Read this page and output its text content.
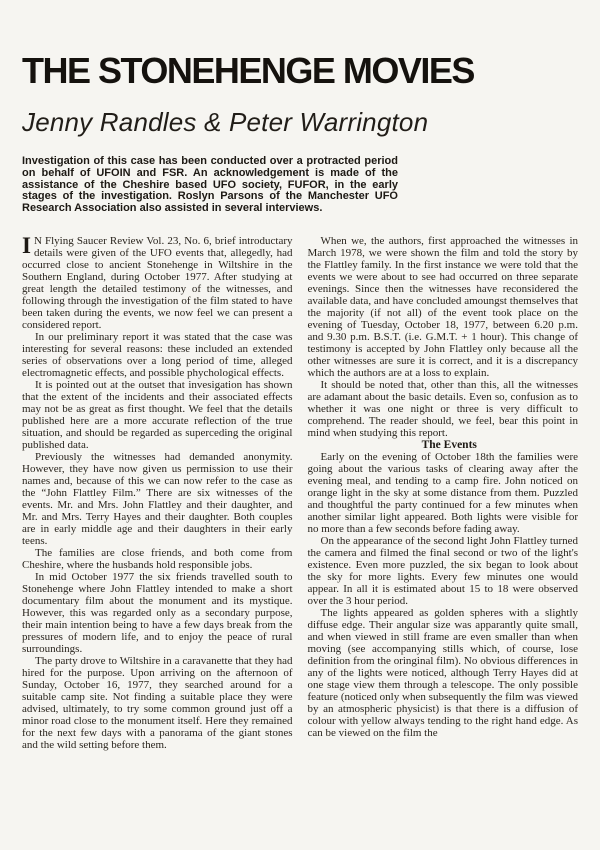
THE STONEHENGE MOVIES
Jenny Randles & Peter Warrington

Investigation of this case has been conducted over a protracted period on behalf of UFOIN and FSR. An acknowledgement is made of the assistance of the Cheshire based UFO society, FUFOR, in the early stages of the investigation. Roslyn Parsons of the Manchester UFO Research Association also assisted in several interviews.

I N Flying Saucer Review Vol. 23, No. 6, brief introductary details were given of the UFO events that, allegedly, had occurred close to ancient Stonehenge in Wiltshire in the Southern England, during October 1977. After studying at great length the detailed testimony of the witnesses, and following through the investigation of the film stated to have been taken during the events, we now feel we can present a considered report.

In our preliminary report it was stated that the case was interesting for several reasons: these included an extended series of observations over a long period of time, alleged electromagnetic effects, and possible phychological effects.

It is pointed out at the outset that invesigation has shown that the extent of the incidents and their associated effects may not be as great as first thought. We feel that the details published here are a more accurate reflection of the true situation, and should be regarded as superceding the original published data.

Previously the witnesses had demanded anonymity. However, they have now given us permission to use their names and, because of this we can now refer to the case as the “John Flattley Film.” There are six witnesses of the events. Mr. and Mrs. John Flattley and their daughter, and Mr. and Mrs. Terry Hayes and their daughter. Both couples are in early middle age and their daughters in their early teens.

The families are close friends, and both come from Cheshire, where the husbands hold responsible jobs.

In mid October 1977 the six friends travelled south to Stonehenge where John Flattley intended to make a short documentary film about the monument and its mystique. However, this was regarded only as a secondary purpose, their main intention being to have a few days break from the pressures of modern life, and to enjoy the peace of rural surroundings.

The party drove to Wiltshire in a caravanette that they had hired for the purpose. Upon arriving on the afternoon of Sunday, October 16, 1977, they searched around for a suitable camp site. Not finding a suitable place they were advised, ultimately, to try some common ground just off a minor road close to the monument itself. Here they remained for the next few days with a panorama of the giant stones and the wild setting before them.

When we, the authors, first approached the witnesses in March 1978, we were shown the film and told the story by the Flattley family. In the first instance we were told that the events we were about to see had occurred on three separate evenings. Since then the witnesses have reconsidered the available data, and have concluded amoungst themselves that the majority (if not all) of the event took place on the evening of Tuesday, October 18, 1977, between 6.20 p.m. and 9.30 p.m. B.S.T. (i.e. G.M.T. + 1 hour). This change of testimony is accepted by John Flattley only because all the other witnesses are sure it is correct, and it is a discrepancy which the authors are at a loss to explain.

It should be noted that, other than this, all the witnesses are adamant about the basic details. Even so, confusion as to whether it was one night or three is very difficult to comprehend. The reader should, we feel, bear this point in mind when studying this report.

The Events

Early on the evening of October 18th the families were going about the various tasks of clearing away after the evening meal, and tending to a camp fire. John noticed on orange light in the sky at some distance from them. Puzzled and thoughtful the party continued for a few minutes when another similar light appeared. Both lights were visible for no more than a few seconds before fading away.

On the appearance of the second light John Flattley turned the camera and filmed the final second or two of the light's existence. Even more puzzled, the six began to look about the sky for more lights. Every few minutes one would appear. In all it is estimated about 15 to 18 were observed over the 3 hour period.

The lights appeared as golden spheres with a slightly diffuse edge. Their angular size was apparantly quite small, and when viewed in still frame are even smaller than when moving (see accompanying stills which, of course, lose definition from the oringinal film). No obvious differences in any of the lights were noticed, although Terry Hayes did at one stage view them through a telescope. The only possible feature (noticed only when subsequently the film was viewed by an atmospheric physicist) is that there is a diffusion of colour with yellow always tending to the right hand edge. As can be viewed on the film the
